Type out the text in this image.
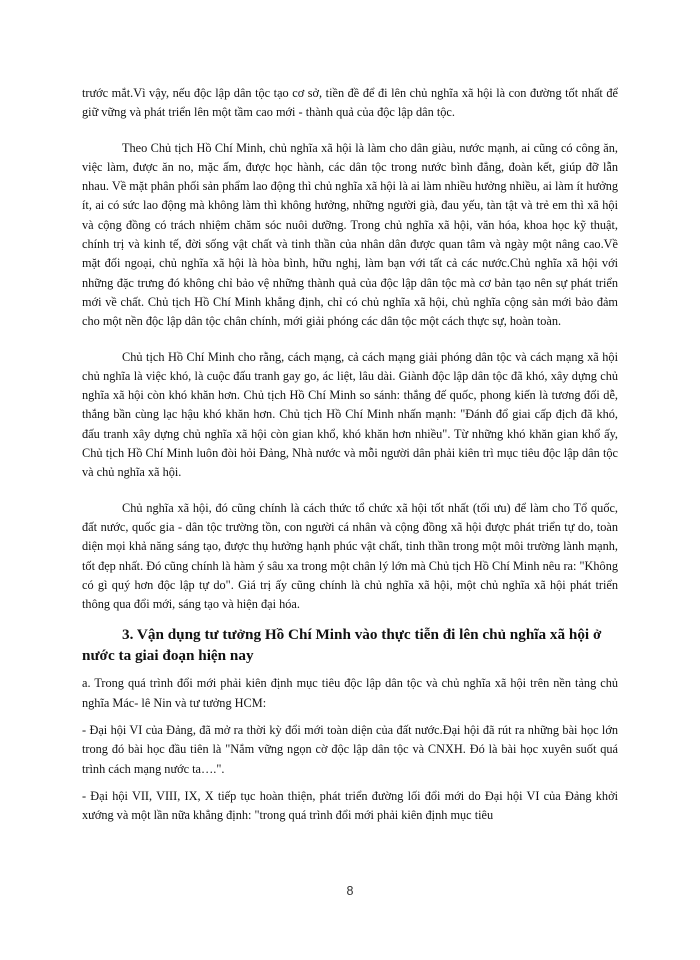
trước mắt.Vì vậy, nếu độc lập dân tộc tạo cơ sở, tiền đề để đi lên chủ nghĩa xã hội là con đường tốt nhất để giữ vững và phát triển lên một tầm cao mới - thành quả của độc lập dân tộc.

Theo Chủ tịch Hồ Chí Minh, chủ nghĩa xã hội là làm cho dân giàu, nước mạnh, ai cũng có công ăn, việc làm, được ăn no, mặc ấm, được học hành, các dân tộc trong nước bình đẳng, đoàn kết, giúp đỡ lẫn nhau. Về mặt phân phối sản phẩm lao động thì chủ nghĩa xã hội là ai làm nhiều hưởng nhiều, ai làm ít hưởng ít, ai có sức lao động mà không làm thì không hưởng, những người già, đau yếu, tàn tật và trẻ em thì xã hội và cộng đồng có trách nhiệm chăm sóc nuôi dưỡng. Trong chủ nghĩa xã hội, văn hóa, khoa học kỹ thuật, chính trị và kinh tế, đời sống vật chất và tinh thần của nhân dân được quan tâm và ngày một nâng cao.Về mặt đối ngoại, chủ nghĩa xã hội là hòa bình, hữu nghị, làm bạn với tất cả các nước.Chủ nghĩa xã hội với những đặc trưng đó không chỉ bảo vệ những thành quả của độc lập dân tộc mà cơ bản tạo nên sự phát triển mới về chất. Chủ tịch Hồ Chí Minh khẳng định, chỉ có chủ nghĩa xã hội, chủ nghĩa cộng sản mới bảo đảm cho một nền độc lập dân tộc chân chính, mới giải phóng các dân tộc một cách thực sự, hoàn toàn.

Chủ tịch Hồ Chí Minh cho rằng, cách mạng, cả cách mạng giải phóng dân tộc và cách mạng xã hội chủ nghĩa là việc khó, là cuộc đấu tranh gay go, ác liệt, lâu dài. Giành độc lập dân tộc đã khó, xây dựng chủ nghĩa xã hội còn khó khăn hơn. Chủ tịch Hồ Chí Minh so sánh: thắng đế quốc, phong kiến là tương đối dễ, thắng bần cùng lạc hậu khó khăn hơn. Chủ tịch Hồ Chí Minh nhấn mạnh: "Đánh đổ giai cấp địch đã khó, đấu tranh xây dựng chủ nghĩa xã hội còn gian khổ, khó khăn hơn nhiều". Từ những khó khăn gian khổ ấy, Chủ tịch Hồ Chí Minh luôn đòi hỏi Đảng, Nhà nước và mỗi người dân phải kiên trì mục tiêu độc lập dân tộc và chủ nghĩa xã hội.

Chủ nghĩa xã hội, đó cũng chính là cách thức tổ chức xã hội tốt nhất (tối ưu) để làm cho Tổ quốc, đất nước, quốc gia - dân tộc trường tồn, con người cá nhân và cộng đồng xã hội được phát triển tự do, toàn diện mọi khả năng sáng tạo, được thụ hưởng hạnh phúc vật chất, tinh thần trong một môi trường lành mạnh, tốt đẹp nhất. Đó cũng chính là hàm ý sâu xa trong một chân lý lớn mà Chủ tịch Hồ Chí Minh nêu ra: "Không có gì quý hơn độc lập tự do". Giá trị ấy cũng chính là chủ nghĩa xã hội, một chủ nghĩa xã hội phát triển thông qua đổi mới, sáng tạo và hiện đại hóa.

3. Vận dụng tư tưởng Hồ Chí Minh vào thực tiễn đi lên chủ nghĩa xã hội ở nước ta giai đoạn hiện nay

a. Trong quá trình đổi mới phải kiên định mục tiêu độc lập dân tộc và chủ nghĩa xã hội trên nền tảng chủ nghĩa Mác- lê Nin và tư tưởng HCM:

- Đại hội VI của Đảng, đã mở ra thời kỳ đổi mới toàn diện của đất nước.Đại hội đã rút ra những bài học lớn trong đó bài học đầu tiên là "Nắm vững ngọn cờ độc lập dân tộc và CNXH. Đó là bài học xuyên suốt quá trình cách mạng nước ta….".

- Đại hội VII, VIII, IX, X tiếp tục hoàn thiện, phát triển đường lối đổi mới do Đại hội VI của Đảng khởi xướng và một lần nữa khẳng định: "trong quá trình đổi mới phải kiên định mục tiêu

8
